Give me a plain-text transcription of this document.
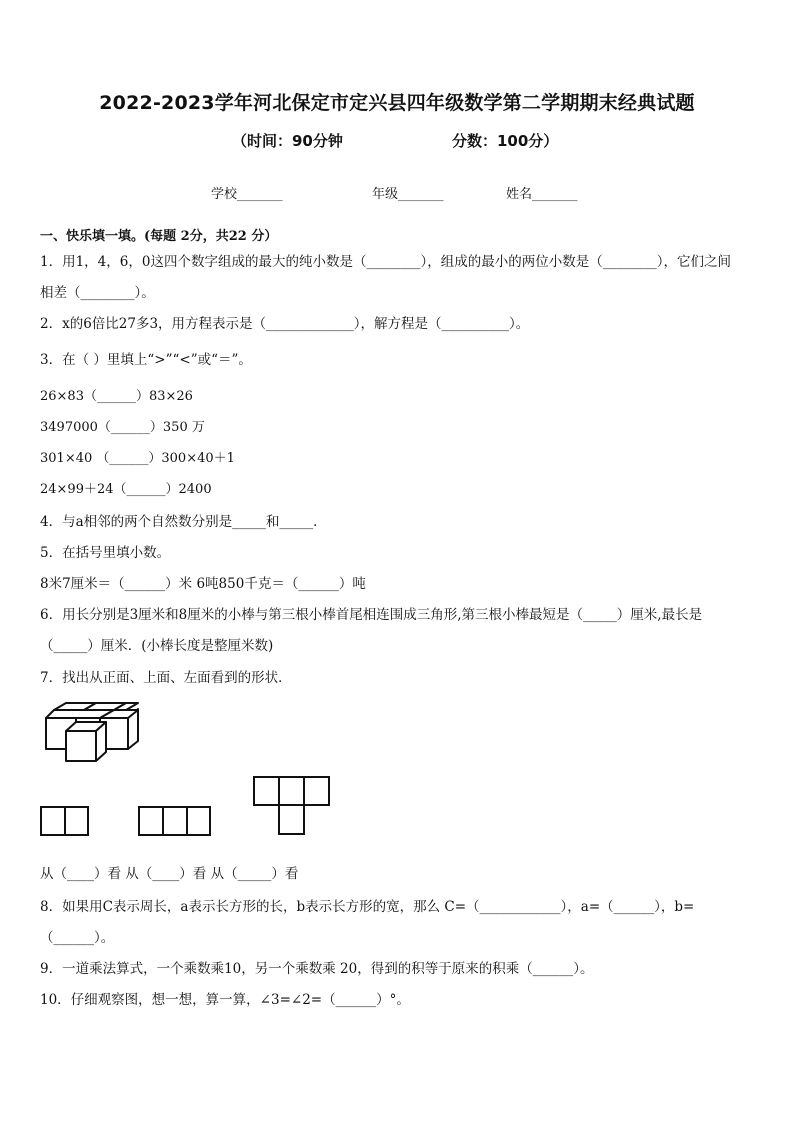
2022-2023学年河北保定市定兴县四年级数学第二学期期末经典试题
（时间：90分钟	分数：100分）
学校_______	年级_______	姓名_______
一、快乐填一填。(每题 2分，共22 分）
1．用1，4，6，0这四个数字组成的最大的纯小数是（________），组成的最小的两位小数是（________），它们之间
相差（________）。
2．x的6倍比27多3，用方程表示是（_____________），解方程是（__________）。
3．在（ ）里填上“>”“<”或“＝”。
26×83（______）83×26
3497000（______）350 万
301×40 （______）300×40＋1
24×99＋24（______）2400
4．与a相邻的两个自然数分别是_____和_____．
5．在括号里填小数。
8米7厘米＝（______）米 6吨850千克＝（______）吨
6．用长分别是3厘米和8厘米的小棒与第三根小棒首尾相连围成三角形,第三根小棒最短是（_____）厘米,最长是
（_____）厘米．(小棒长度是整厘米数)
7．找出从正面、上面、左面看到的形状．
从（____）看 从（____）看 从（_____）看
8．如果用C表示周长，a表示长方形的长，b表示长方形的宽，那么 C=（____________），a=（______），b=
（______）。
9．一道乘法算式，一个乘数乘10，另一个乘数乘 20，得到的积等于原来的积乘（______）。
10．仔细观察图，想一想，算一算，∠3=∠2=（______）°。
